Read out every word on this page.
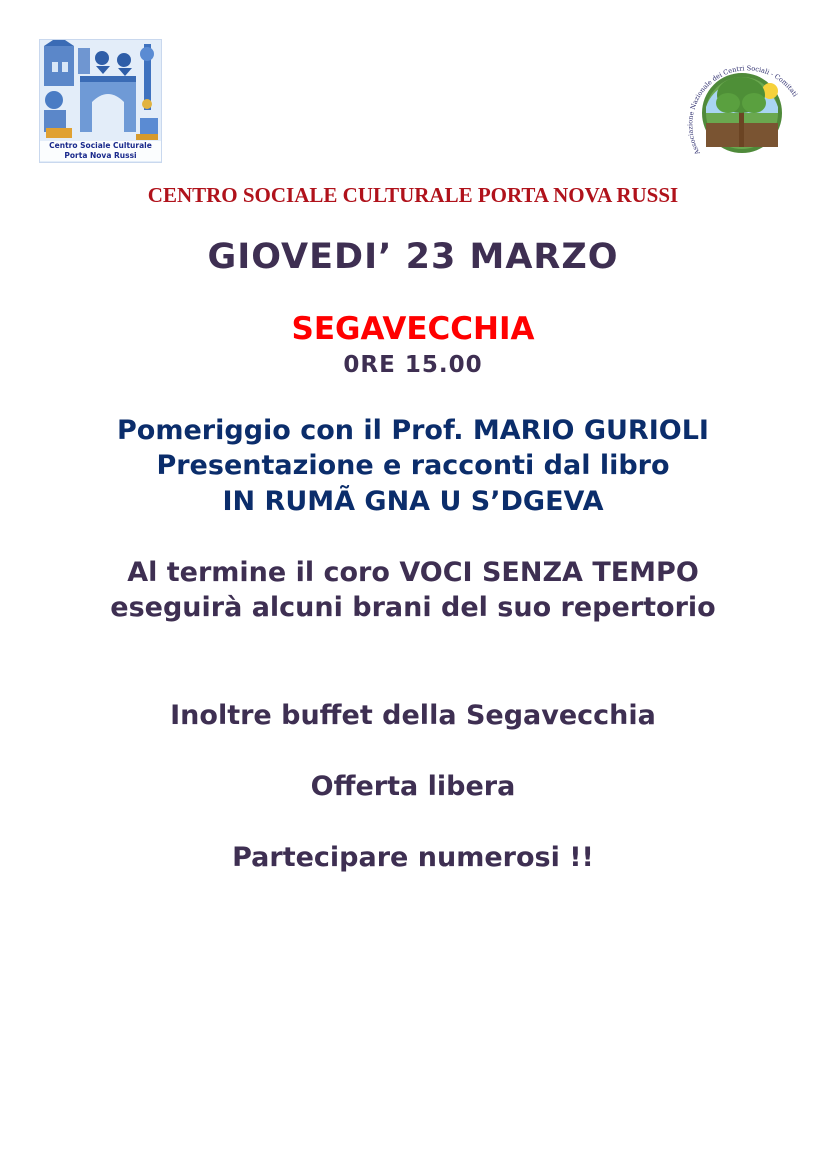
Centro Sociale Culturale
Porta Nova Russi	Associazione Nazionale dei Centri Sociali - Comitati
CENTRO SOCIALE CULTURALE PORTA NOVA RUSSI
GIOVEDI’ 23 MARZO
SEGAVECCHIA
0RE 15.00
Pomeriggio con il Prof. MARIO GURIOLI
Presentazione e racconti dal libro
IN RUMÃ GNA U S’DGEVA
Al termine il coro VOCI SENZA TEMPO
eseguirà alcuni brani del suo repertorio
Inoltre buffet della Segavecchia
Offerta libera
Partecipare numerosi !!
